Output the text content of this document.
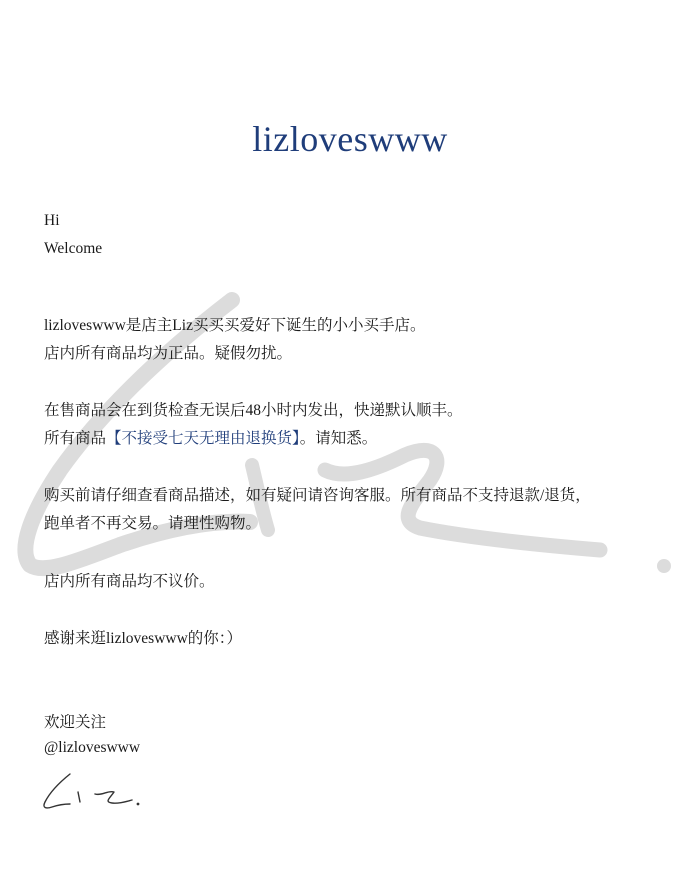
lizloveswww
Hi
Welcome
lizloveswww是店主Liz买买买爱好下诞生的小小买手店。
店内所有商品均为正品。疑假勿扰。
在售商品会在到货检查无误后48小时内发出，快递默认顺丰。
所有商品【不接受七天无理由退换货】。请知悉。
购买前请仔细查看商品描述，如有疑问请咨询客服。所有商品不支持退款/退货，
跑单者不再交易。请理性购物。
店内所有商品均不议价。
感谢来逛lizloveswww的你：）
欢迎关注
@lizloveswww
